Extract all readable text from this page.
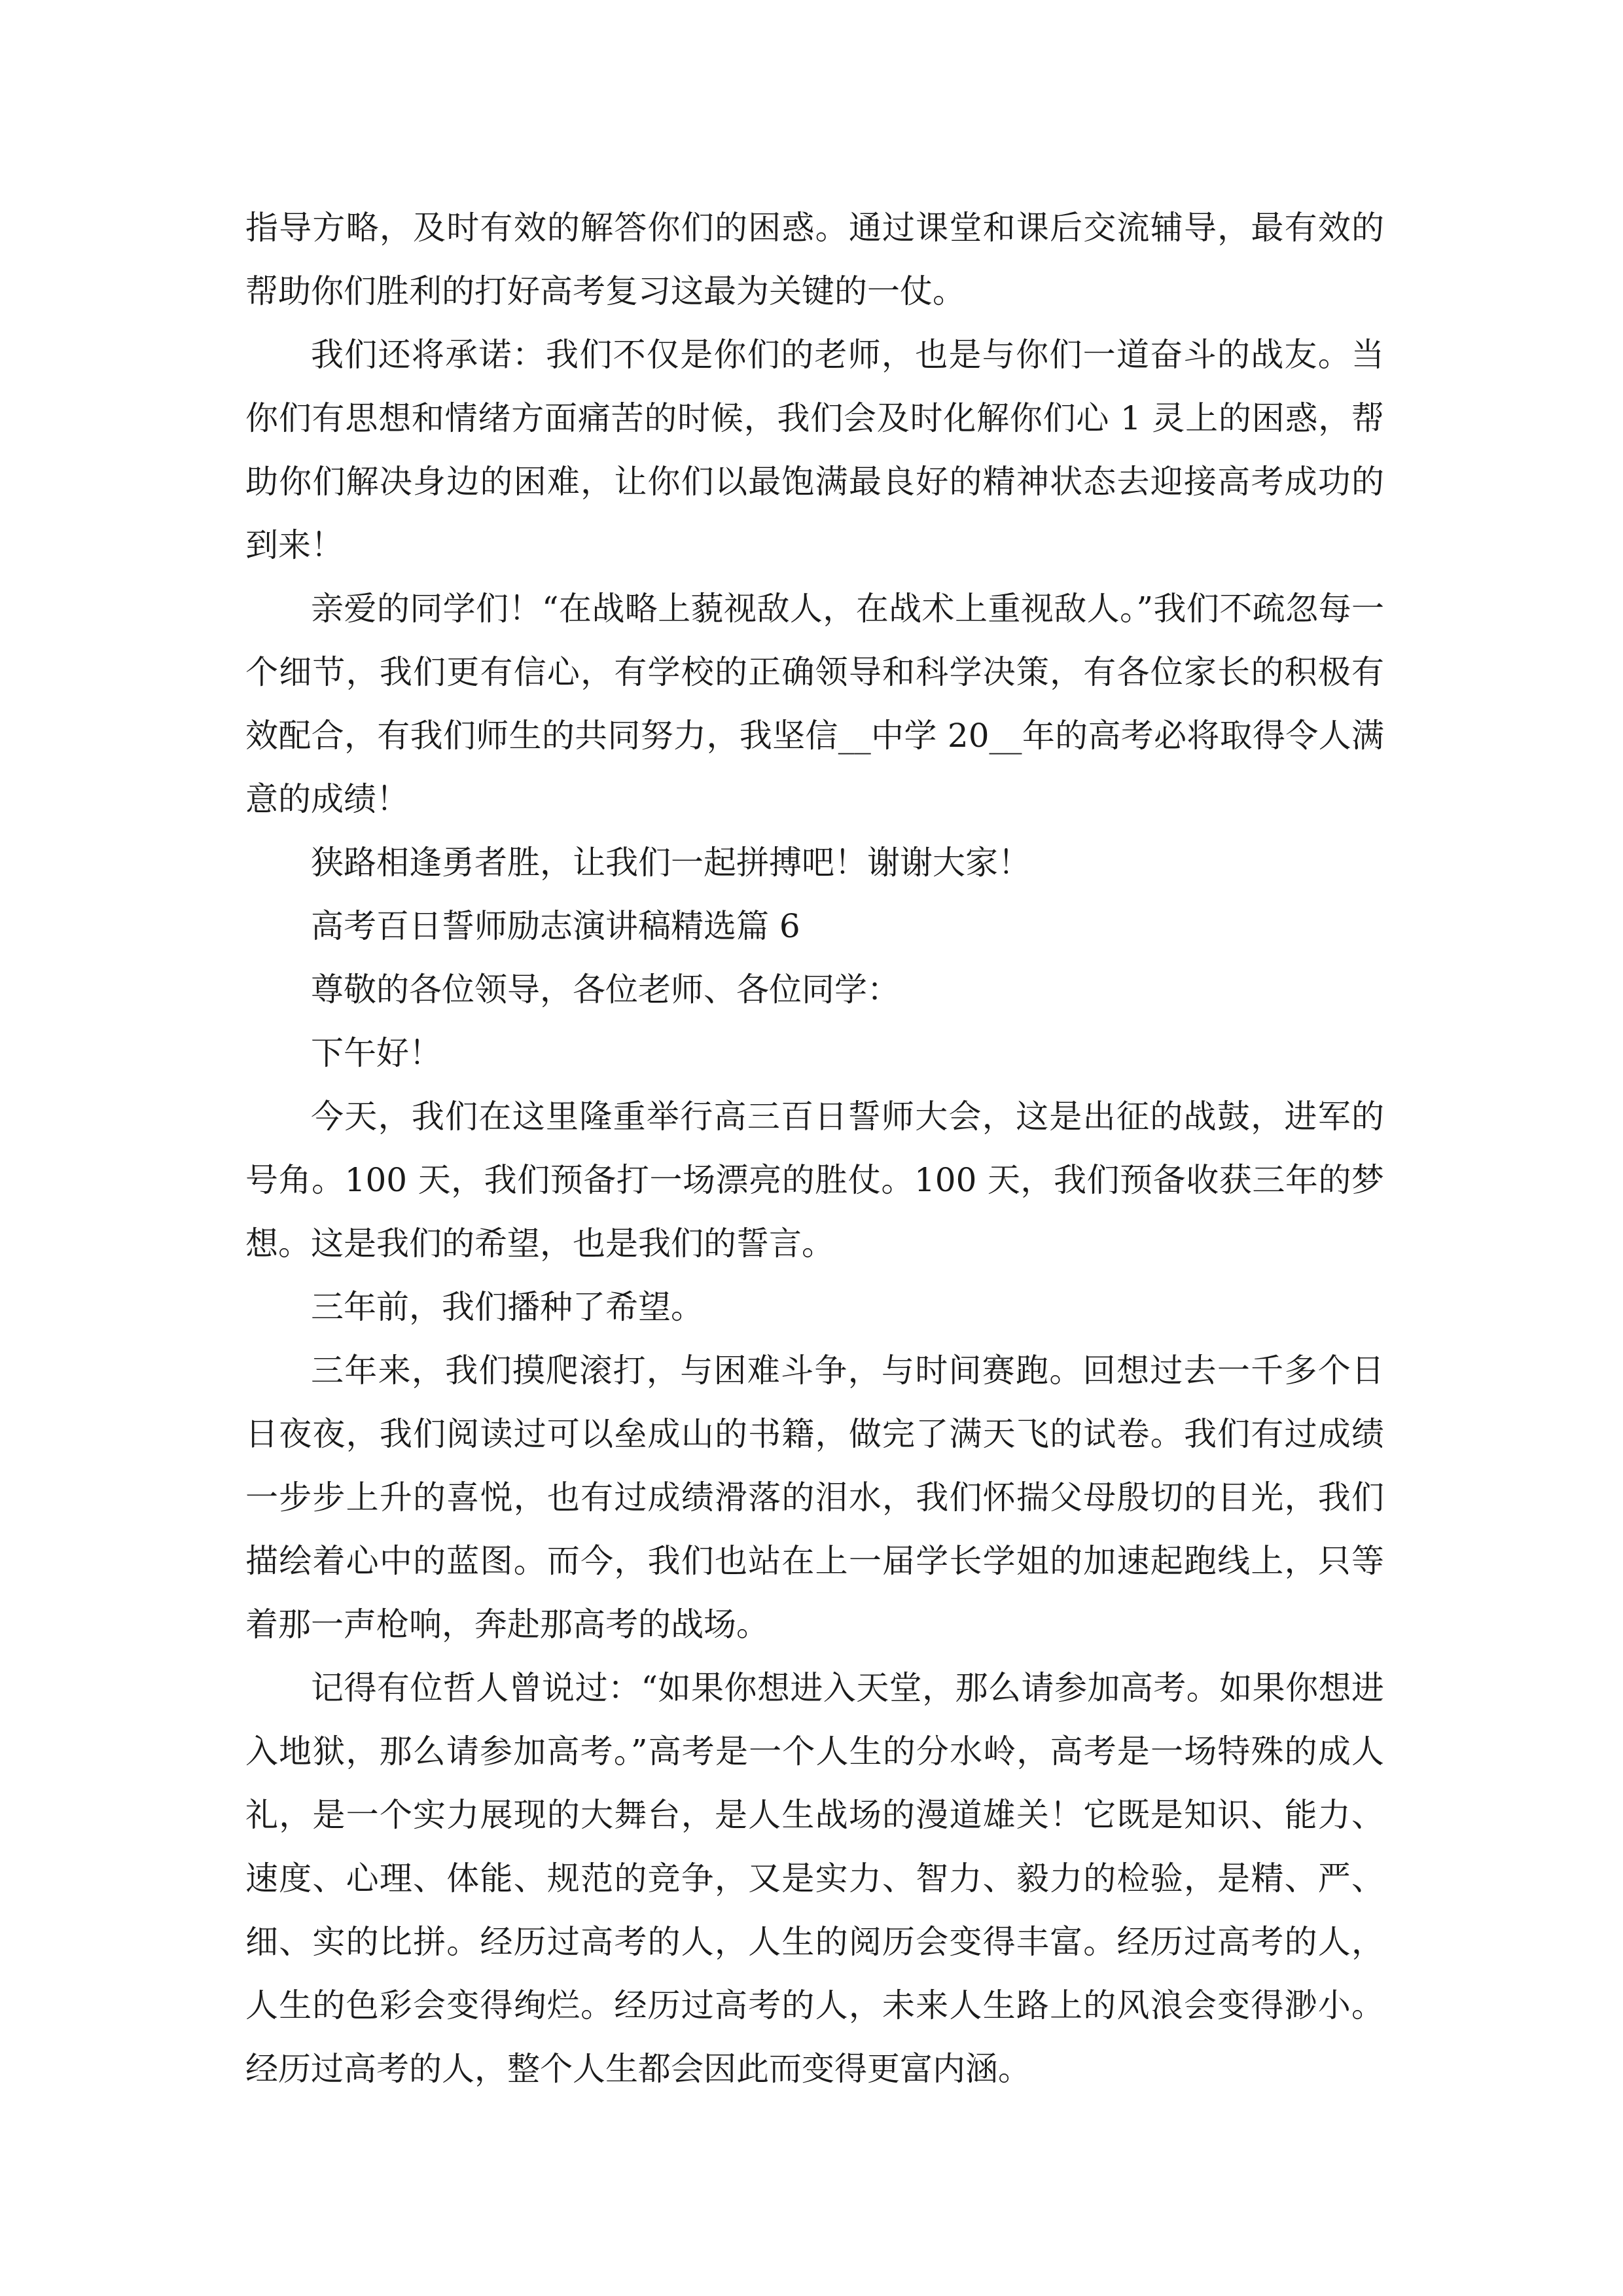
指导方略，及时有效的解答你们的困惑。通过课堂和课后交流辅导，最有效的帮助你们胜利的打好高考复习这最为关键的一仗。

我们还将承诺：我们不仅是你们的老师，也是与你们一道奋斗的战友。当你们有思想和情绪方面痛苦的时候，我们会及时化解你们心 1 灵上的困惑，帮助你们解决身边的困难，让你们以最饱满最良好的精神状态去迎接高考成功的到来！

亲爱的同学们！“在战略上藐视敌人，在战术上重视敌人。”我们不疏忽每一个细节，我们更有信心，有学校的正确领导和科学决策，有各位家长的积极有效配合，有我们师生的共同努力，我坚信__中学 20__年的高考必将取得令人满意的成绩！

狭路相逢勇者胜，让我们一起拼搏吧！谢谢大家！

高考百日誓师励志演讲稿精选篇 6

尊敬的各位领导，各位老师、各位同学：

下午好！

今天，我们在这里隆重举行高三百日誓师大会，这是出征的战鼓，进军的号角。100 天，我们预备打一场漂亮的胜仗。100 天，我们预备收获三年的梦想。这是我们的希望，也是我们的誓言。

三年前，我们播种了希望。

三年来，我们摸爬滚打，与困难斗争，与时间赛跑。回想过去一千多个日日夜夜，我们阅读过可以垒成山的书籍，做完了满天飞的试卷。我们有过成绩一步步上升的喜悦，也有过成绩滑落的泪水，我们怀揣父母殷切的目光，我们描绘着心中的蓝图。而今，我们也站在上一届学长学姐的加速起跑线上，只等着那一声枪响，奔赴那高考的战场。

记得有位哲人曾说过：“如果你想进入天堂，那么请参加高考。如果你想进入地狱，那么请参加高考。”高考是一个人生的分水岭，高考是一场特殊的成人礼，是一个实力展现的大舞台，是人生战场的漫道雄关！它既是知识、能力、速度、心理、体能、规范的竞争，又是实力、智力、毅力的检验，是精、严、细、实的比拼。经历过高考的人，人生的阅历会变得丰富。经历过高考的人，人生的色彩会变得绚烂。经历过高考的人，未来人生路上的风浪会变得渺小。经历过高考的人，整个人生都会因此而变得更富内涵。
